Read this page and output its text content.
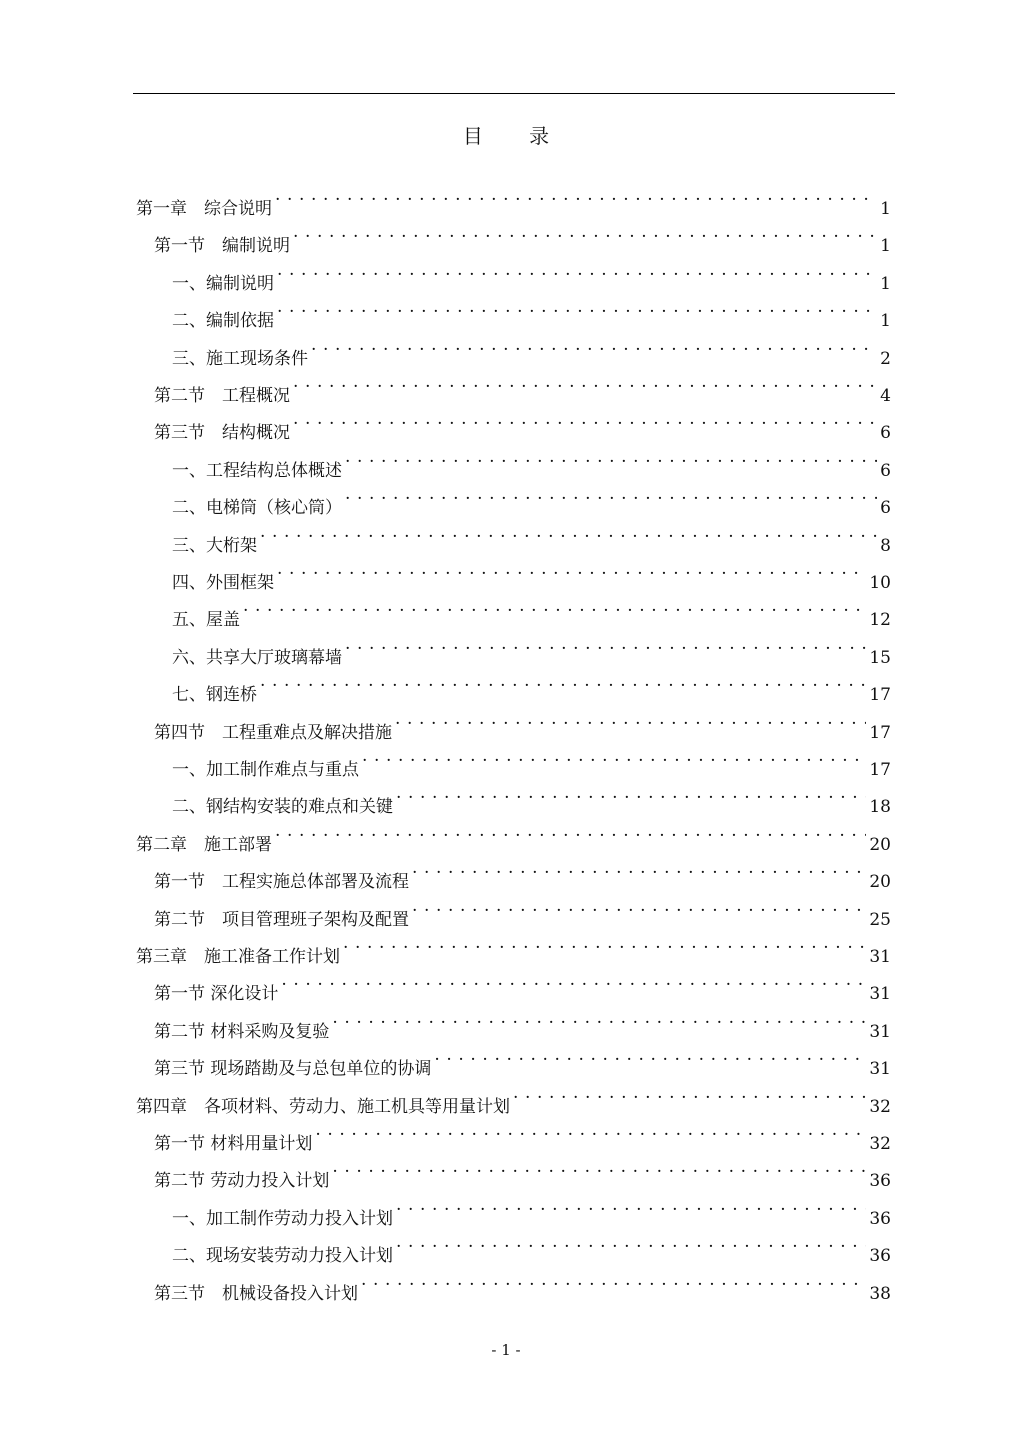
目 录
第一章　综合说明 . . .	1
第一节　编制说明 . . .	1
一、编制说明 . . .	1
二、编制依据 . . .	1
三、施工现场条件 . . .	2
第二节　工程概况 . . .	4
第三节　结构概况 . . .	6
一、工程结构总体概述 . . .	6
二、电梯筒（核心筒） . . .	6
三、大桁架 . . .	8
四、外围框架 . . .	10
五、屋盖 . . .	12
六、共享大厅玻璃幕墙 . . .	15
七、钢连桥 . . .	17
第四节　工程重难点及解决措施 . . .	17
一、加工制作难点与重点 . . .	17
二、钢结构安装的难点和关键 . . .	18
第二章　施工部署 . . .	20
第一节　工程实施总体部署及流程 . . .	20
第二节　项目管理班子架构及配置 . . .	25
第三章　施工准备工作计划 . . .	31
第一节 深化设计 . . .	31
第二节 材料采购及复验 . . .	31
第三节 现场踏勘及与总包单位的协调 . . .	31
第四章　各项材料、劳动力、施工机具等用量计划 . . .	32
第一节 材料用量计划 . . .	32
第二节 劳动力投入计划 . . .	36
一、加工制作劳动力投入计划 . . .	36
二、现场安装劳动力投入计划 . . .	36
第三节　机械设备投入计划 . . .	38
- 1 -
